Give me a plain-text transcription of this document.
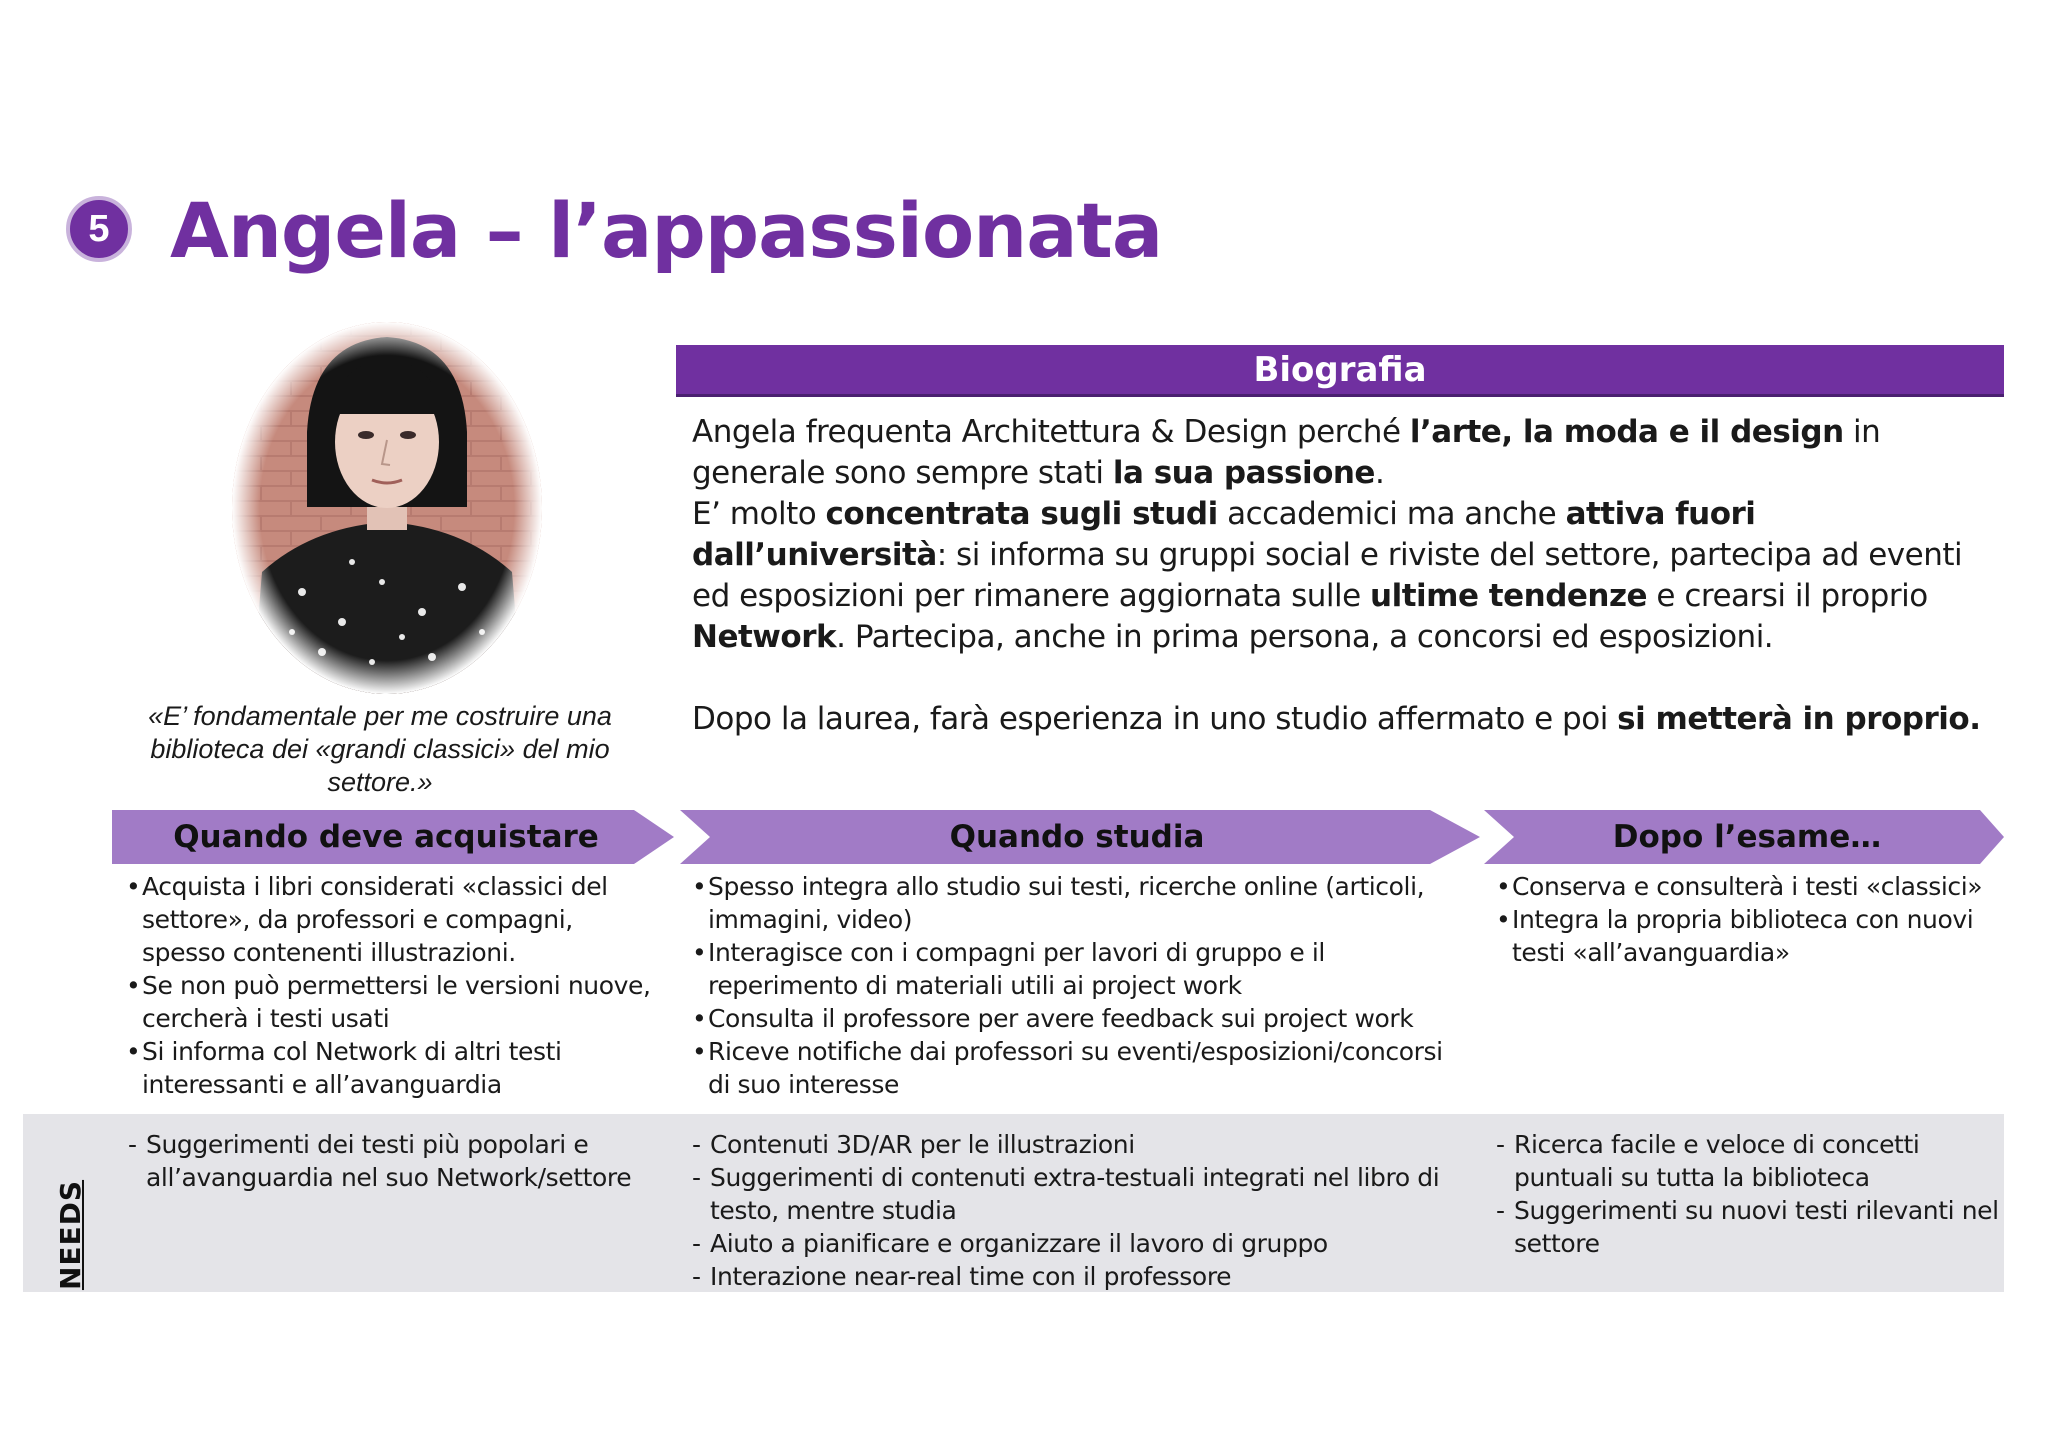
5 Angela – l’appassionata
«E’ fondamentale per me costruire una biblioteca dei «grandi classici» del mio settore.»
Biografia

Angela frequenta Architettura & Design perché l’arte, la moda e il design in generale sono sempre stati la sua passione.

E’ molto concentrata sugli studi accademici ma anche attiva fuori dall’università: si informa su gruppi social e riviste del settore, partecipa ad eventi ed esposizioni per rimanere aggiornata sulle ultime tendenze e crearsi il proprio Network. Partecipa, anche in prima persona, a concorsi ed esposizioni.

Dopo la laurea, farà esperienza in uno studio affermato e poi si metterà in proprio.

Quando deve acquistare	Quando studia	Dopo l’esame…
• Acquista i libri considerati «classici del settore», da professori e compagni, spesso contenenti illustrazioni.
• Se non può permettersi le versioni nuove, cercherà i testi usati
• Si informa col Network di altri testi interessanti e all’avanguardia
• Spesso integra allo studio sui testi, ricerche online (articoli, immagini, video)
• Interagisce con i compagni per lavori di gruppo e il reperimento di materiali utili ai project work
• Consulta il professore per avere feedback sui project work
• Riceve notifiche dai professori su eventi/esposizioni/concorsi di suo interesse
• Conserva e consulterà i testi «classici»
• Integra la propria biblioteca con nuovi testi «all’avanguardia»
NEEDS
- Suggerimenti dei testi più popolari e all’avanguardia nel suo Network/settore
- Contenuti 3D/AR per le illustrazioni
- Suggerimenti di contenuti extra-testuali integrati nel libro di testo, mentre studia
- Aiuto a pianificare e organizzare il lavoro di gruppo
- Interazione near-real time con il professore
- Ricerca facile e veloce di concetti puntuali su tutta la biblioteca
- Suggerimenti su nuovi testi rilevanti nel settore
